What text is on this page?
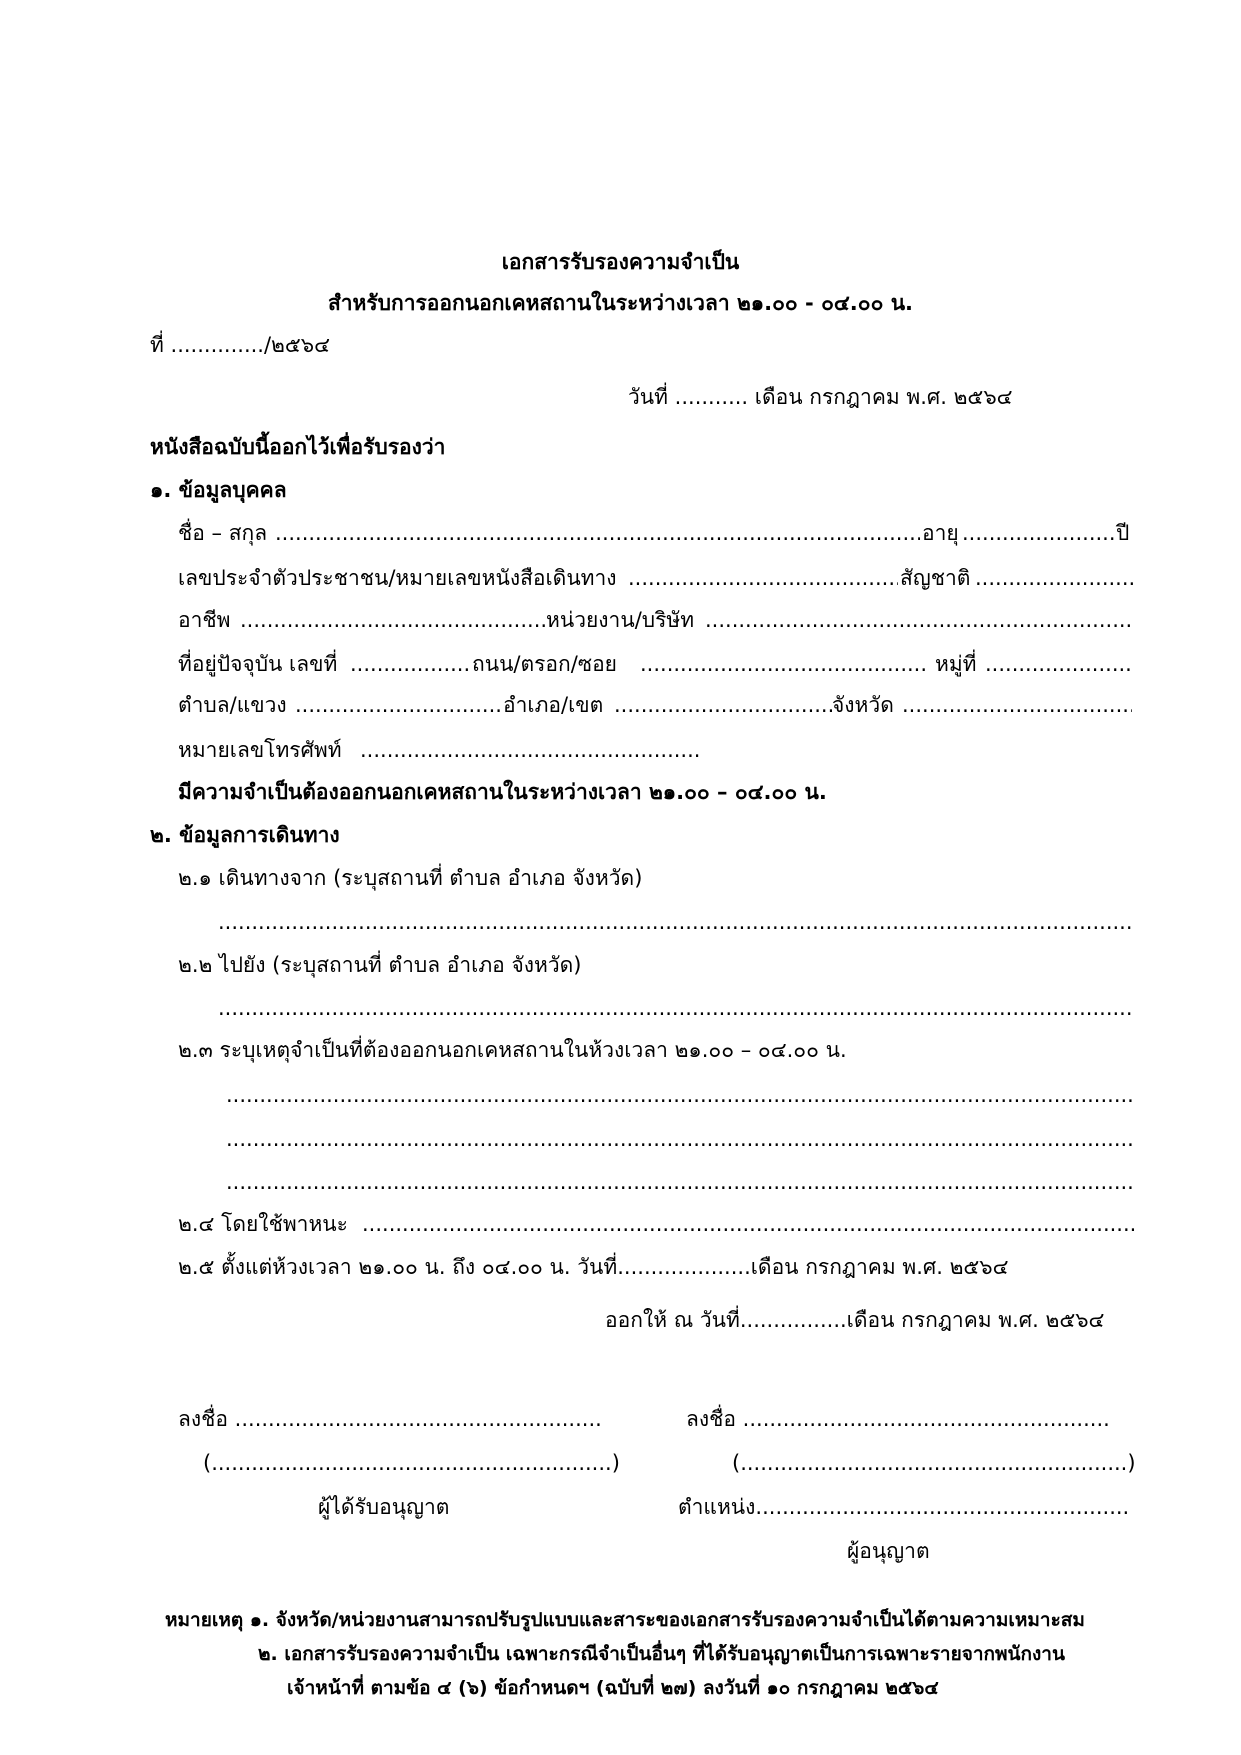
เอกสารรับรองความจำเป็น
สำหรับการออกนอกเคหสถานในระหว่างเวลา ๒๑.๐๐ - ๐๔.๐๐ น.
ที่ ............../๒๕๖๔
วันที่ ........... เดือน กรกฎาคม พ.ศ. ๒๕๖๔
หนังสือฉบับนี้ออกไว้เพื่อรับรองว่า
๑. ข้อมูลบุคคล
ชื่อ – สกุล .....	อายุ .....	ปี
เลขประจำตัวประชาชน/หมายเลขหนังสือเดินทาง .....	สัญชาติ
.....
อาชีพ .....	หน่วยงาน/บริษัท
.....
ที่อยู่ปัจจุบัน เลขที่ .....	ถนน/ตรอก/ซอย .....	หมู่ที่
.....
ตำบล/แขวง .....	อำเภอ/เขต .....	จังหวัด
.....
หมายเลขโทรศัพท์
.....
มีความจำเป็นต้องออกนอกเคหสถานในระหว่างเวลา ๒๑.๐๐ – ๐๔.๐๐ น.
๒. ข้อมูลการเดินทาง
๒.๑ เดินทางจาก (ระบุสถานที่ ตำบล อำเภอ จังหวัด)
.....
๒.๒ ไปยัง (ระบุสถานที่ ตำบล อำเภอ จังหวัด)
.....
๒.๓ ระบุเหตุจำเป็นที่ต้องออกนอกเคหสถานในห้วงเวลา ๒๑.๐๐ – ๐๔.๐๐ น.
.....
.....
.....
๒.๔ โดยใช้พาหนะ
.....
๒.๕ ตั้งแต่ห้วงเวลา ๒๑.๐๐ น. ถึง ๐๔.๐๐ น. วันที่....................เดือน กรกฎาคม พ.ศ. ๒๕๖๔
ออกให้ ณ วันที่................เดือน กรกฎาคม พ.ศ. ๒๕๖๔
ลงชื่อ .......................................................
(............................................................)
ผู้ได้รับอนุญาต
ลงชื่อ .......................................................
(..........................................................)
ตำแหน่ง........................................................
ผู้อนุญาต
หมายเหตุ ๑. จังหวัด/หน่วยงานสามารถปรับรูปแบบและสาระของเอกสารรับรองความจำเป็นได้ตามความเหมาะสม
๒. เอกสารรับรองความจำเป็น เฉพาะกรณีจำเป็นอื่นๆ ที่ได้รับอนุญาตเป็นการเฉพาะรายจากพนักงาน
เจ้าหน้าที่ ตามข้อ ๔ (๖) ข้อกำหนดฯ (ฉบับที่ ๒๗) ลงวันที่ ๑๐ กรกฎาคม ๒๕๖๔
